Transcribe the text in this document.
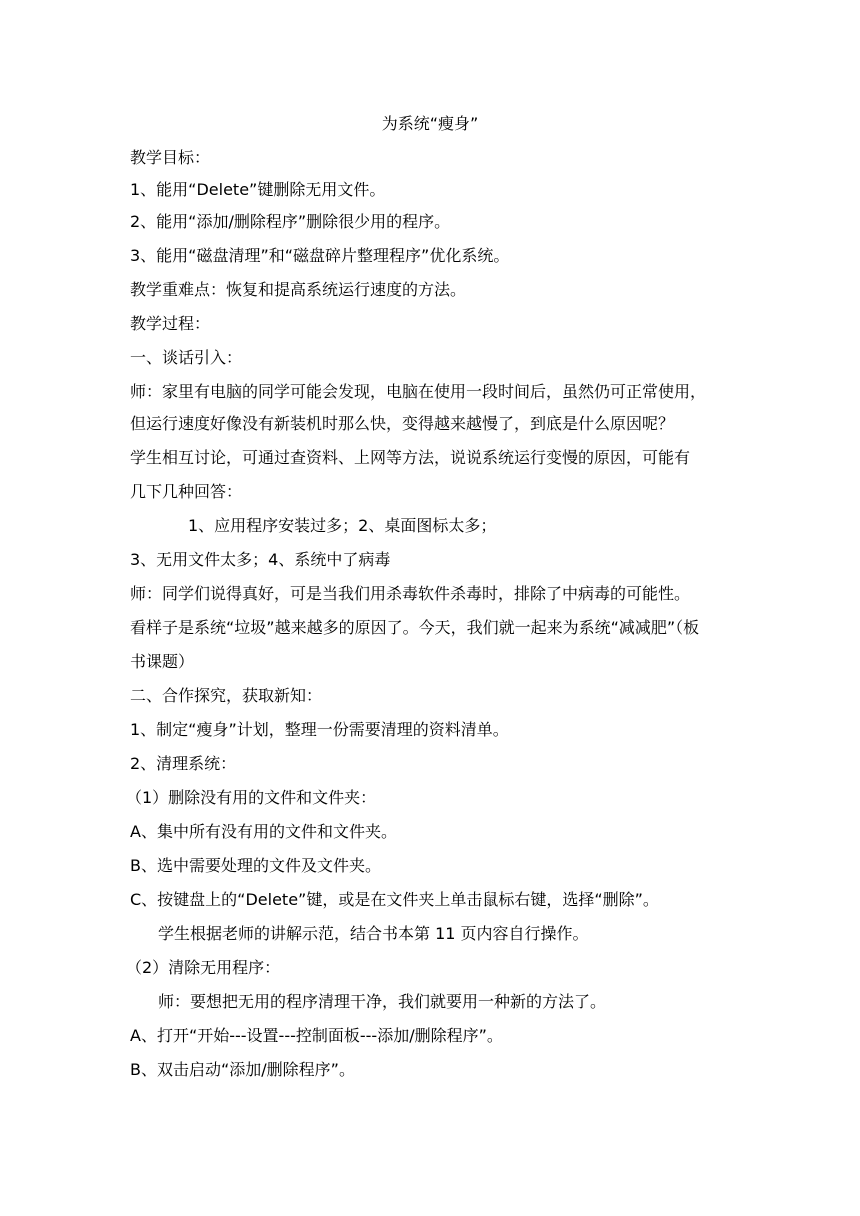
为系统“瘦身”
教学目标：
1、能用“Delete”键删除无用文件。
2、能用“添加/删除程序”删除很少用的程序。
3、能用“磁盘清理”和“磁盘碎片整理程序”优化系统。
教学重难点：恢复和提高系统运行速度的方法。
教学过程：
一、谈话引入：
师：家里有电脑的同学可能会发现，电脑在使用一段时间后，虽然仍可正常使用，
但运行速度好像没有新装机时那么快，变得越来越慢了，到底是什么原因呢？
学生相互讨论，可通过查资料、上网等方法，说说系统运行变慢的原因，可能有
几下几种回答：
1、应用程序安装过多；2、桌面图标太多；
3、无用文件太多；4、系统中了病毒
师：同学们说得真好，可是当我们用杀毒软件杀毒时，排除了中病毒的可能性。
看样子是系统“垃圾”越来越多的原因了。今天，我们就一起来为系统“减减肥”（板
书课题）
二、合作探究，获取新知：
1、制定“瘦身”计划，整理一份需要清理的资料清单。
2、清理系统：
（1）删除没有用的文件和文件夹：
A、集中所有没有用的文件和文件夹。
B、选中需要处理的文件及文件夹。
C、按键盘上的“Delete”键，或是在文件夹上单击鼠标右键，选择“删除”。
学生根据老师的讲解示范，结合书本第 11 页内容自行操作。
（2）清除无用程序：
师：要想把无用的程序清理干净，我们就要用一种新的方法了。
A、打开“开始---设置---控制面板---添加/删除程序”。
B、双击启动“添加/删除程序”。
